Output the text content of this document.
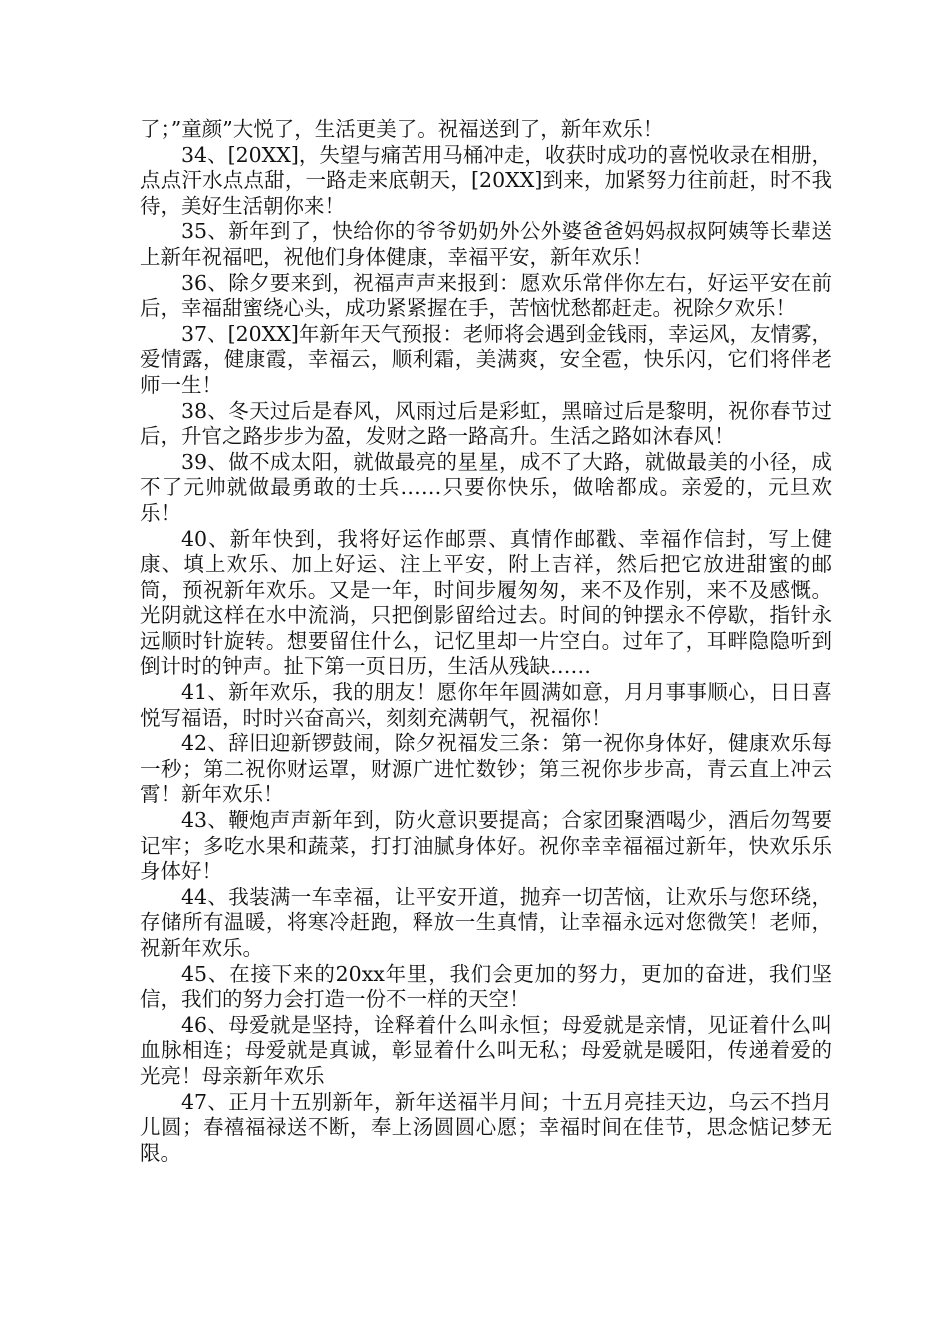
了；”童颜”大悦了，生活更美了。祝福送到了，新年欢乐！

34、[20XX]，失望与痛苦用马桶冲走，收获时成功的喜悦收录在相册，点点汗水点点甜，一路走来底朝天，[20XX]到来，加紧努力往前赶，时不我待，美好生活朝你来！

35、新年到了，快给你的爷爷奶奶外公外婆爸爸妈妈叔叔阿姨等长辈送上新年祝福吧，祝他们身体健康，幸福平安，新年欢乐！

36、除夕要来到，祝福声声来报到：愿欢乐常伴你左右，好运平安在前后，幸福甜蜜绕心头，成功紧紧握在手，苦恼忧愁都赶走。祝除夕欢乐！

37、[20XX]年新年天气预报：老师将会遇到金钱雨，幸运风，友情雾，爱情露，健康霞，幸福云，顺利霜，美满爽，安全雹，快乐闪，它们将伴老师一生！

38、冬天过后是春风，风雨过后是彩虹，黑暗过后是黎明，祝你春节过后，升官之路步步为盈，发财之路一路高升。生活之路如沐春风！

39、做不成太阳，就做最亮的星星，成不了大路，就做最美的小径，成不了元帅就做最勇敢的士兵……只要你快乐，做啥都成。亲爱的，元旦欢乐！

40、新年快到，我将好运作邮票、真情作邮戳、幸福作信封，写上健康、填上欢乐、加上好运、注上平安，附上吉祥，然后把它放进甜蜜的邮筒，预祝新年欢乐。又是一年，时间步履匆匆，来不及作别，来不及感慨。光阴就这样在水中流淌，只把倒影留给过去。时间的钟摆永不停歇，指针永远顺时针旋转。想要留住什么，记忆里却一片空白。过年了，耳畔隐隐听到倒计时的钟声。扯下第一页日历，生活从残缺……

41、新年欢乐，我的朋友！愿你年年圆满如意，月月事事顺心，日日喜悦写福语，时时兴奋高兴，刻刻充满朝气，祝福你！

42、辞旧迎新锣鼓闹，除夕祝福发三条：第一祝你身体好，健康欢乐每一秒；第二祝你财运罩，财源广进忙数钞；第三祝你步步高，青云直上冲云霄！新年欢乐！

43、鞭炮声声新年到，防火意识要提高；合家团聚酒喝少，酒后勿驾要记牢；多吃水果和蔬菜，打打油腻身体好。祝你幸幸福福过新年，快欢乐乐身体好！

44、我装满一车幸福，让平安开道，抛弃一切苦恼，让欢乐与您环绕，存储所有温暖，将寒冷赶跑，释放一生真情，让幸福永远对您微笑！老师，祝新年欢乐。

45、在接下来的20xx年里，我们会更加的努力，更加的奋进，我们坚信，我们的努力会打造一份不一样的天空！

46、母爱就是坚持，诠释着什么叫永恒；母爱就是亲情，见证着什么叫血脉相连；母爱就是真诚，彰显着什么叫无私；母爱就是暖阳，传递着爱的光亮！母亲新年欢乐

47、正月十五别新年，新年送福半月间；十五月亮挂天边，乌云不挡月儿圆；春禧福禄送不断，奉上汤圆圆心愿；幸福时间在佳节，思念惦记梦无限。
